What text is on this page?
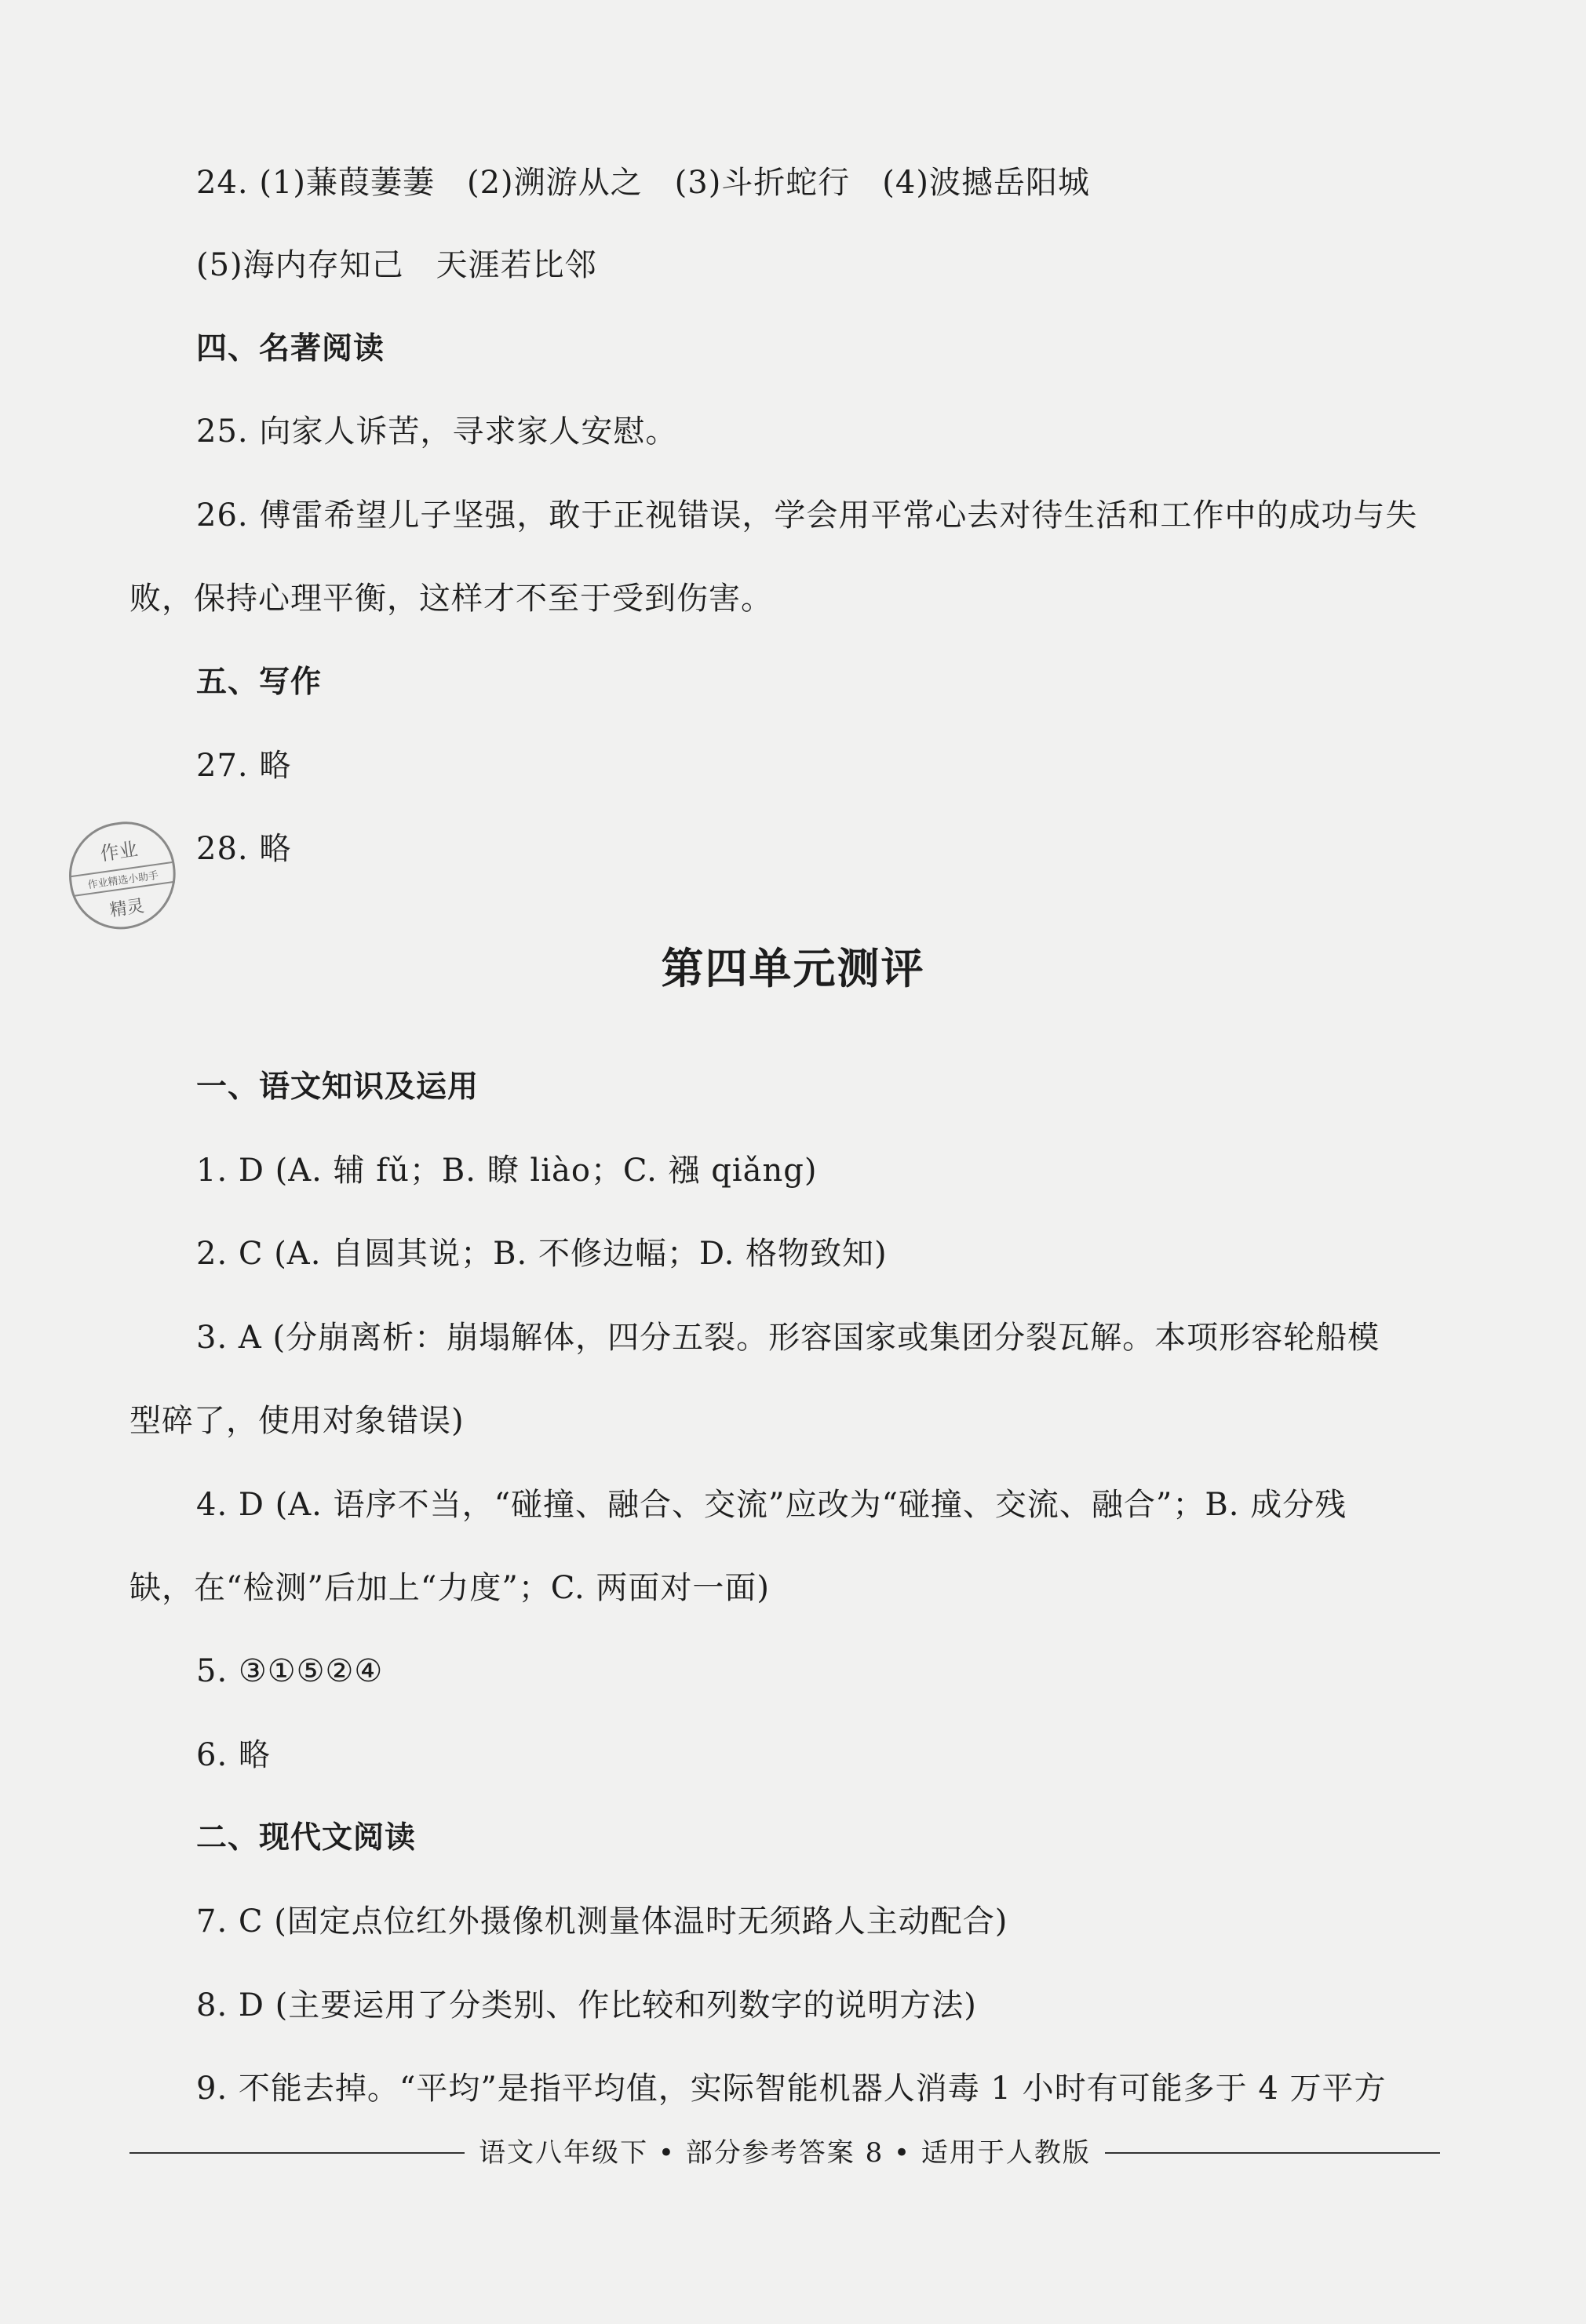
24. (1)蒹葭萋萋　(2)溯游从之　(3)斗折蛇行　(4)波撼岳阳城
(5)海内存知己　天涯若比邻
四、名著阅读
25. 向家人诉苦，寻求家人安慰。
26. 傅雷希望儿子坚强，敢于正视错误，学会用平常心去对待生活和工作中的成功与失
败，保持心理平衡，这样才不至于受到伤害。
五、写作
27. 略
28. 略
作业
作业精选小助手
精灵
第四单元测评
一、语文知识及运用
1. D (A. 辅 fǔ；B. 瞭 liào；C. 襁 qiǎng)
2. C (A. 自圆其说；B. 不修边幅；D. 格物致知)
3. A (分崩离析：崩塌解体，四分五裂。形容国家或集团分裂瓦解。本项形容轮船模
型碎了，使用对象错误)
4. D (A. 语序不当，“碰撞、融合、交流”应改为“碰撞、交流、融合”；B. 成分残
缺，在“检测”后加上“力度”；C. 两面对一面)
5. ③①⑤②④
6. 略
二、现代文阅读
7. C (固定点位红外摄像机测量体温时无须路人主动配合)
8. D (主要运用了分类别、作比较和列数字的说明方法)
9. 不能去掉。“平均”是指平均值，实际智能机器人消毒 1 小时有可能多于 4 万平方
语文八年级下 • 部分参考答案 8 • 适用于人教版
